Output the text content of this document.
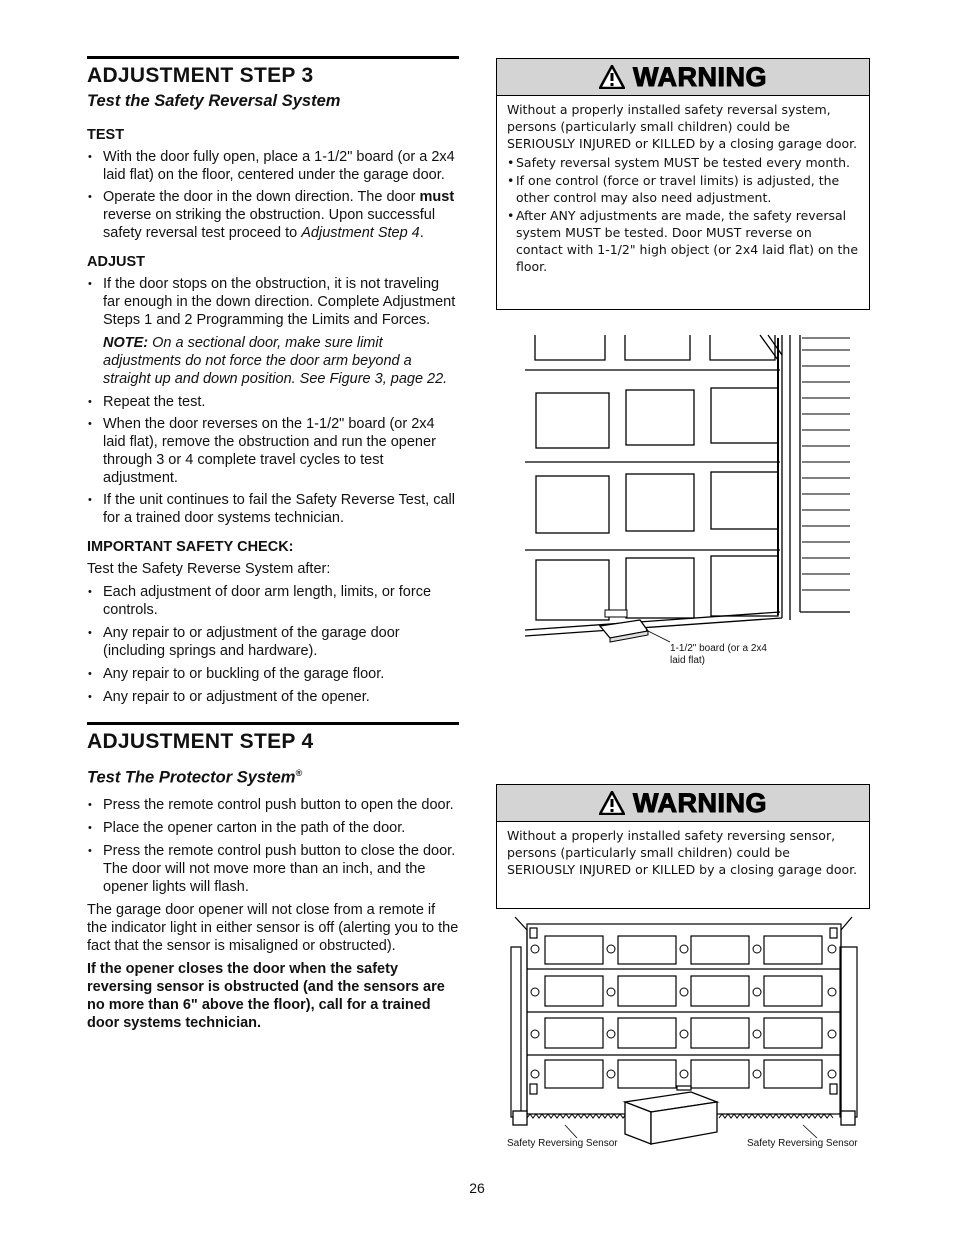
ADJUSTMENT STEP 3
Test the Safety Reversal System

TEST

• With the door fully open, place a 1-1/2" board (or a 2x4 laid flat) on the floor, centered under the garage door.
• Operate the door in the down direction. The door must reverse on striking the obstruction. Upon successful safety reversal test proceed to Adjustment Step 4.

ADJUST

• If the door stops on the obstruction, it is not traveling far enough in the down direction. Complete Adjustment Steps 1 and 2 Programming the Limits and Forces.
NOTE: On a sectional door, make sure limit adjustments do not force the door arm beyond a straight up and down position. See Figure 3, page 22.
• Repeat the test.
• When the door reverses on the 1-1/2" board (or 2x4 laid flat), remove the obstruction and run the opener through 3 or 4 complete travel cycles to test adjustment.
• If the unit continues to fail the Safety Reverse Test, call for a trained door systems technician.

IMPORTANT SAFETY CHECK:

Test the Safety Reverse System after:

• Each adjustment of door arm length, limits, or force controls.
• Any repair to or adjustment of the garage door (including springs and hardware).
• Any repair to or buckling of the garage floor.
• Any repair to or adjustment of the opener.
ADJUSTMENT STEP 4
Test The Protector System®
• Press the remote control push button to open the door.
• Place the opener carton in the path of the door.
• Press the remote control push button to close the door. The door will not move more than an inch, and the opener lights will flash.

The garage door opener will not close from a remote if the indicator light in either sensor is off (alerting you to the fact that the sensor is misaligned or obstructed).

If the opener closes the door when the safety reversing sensor is obstructed (and the sensors are no more than 6" above the floor), call for a trained door systems technician.

WARNING

Without a properly installed safety reversal system, persons (particularly small children) could be SERIOUSLY INJURED or KILLED by a closing garage door.

• Safety reversal system MUST be tested every month.
• If one control (force or travel limits) is adjusted, the other control may also need adjustment.
• After ANY adjustments are made, the safety reversal system MUST be tested. Door MUST reverse on contact with 1-1/2" high object (or 2x4 laid flat) on the floor.
1-1/2" board (or a 2x4
laid flat)
WARNING

Without a properly installed safety reversing sensor, persons (particularly small children) could be SERIOUSLY INJURED or KILLED by a closing garage door.

Safety Reversing Sensor	Safety Reversing Sensor
26
